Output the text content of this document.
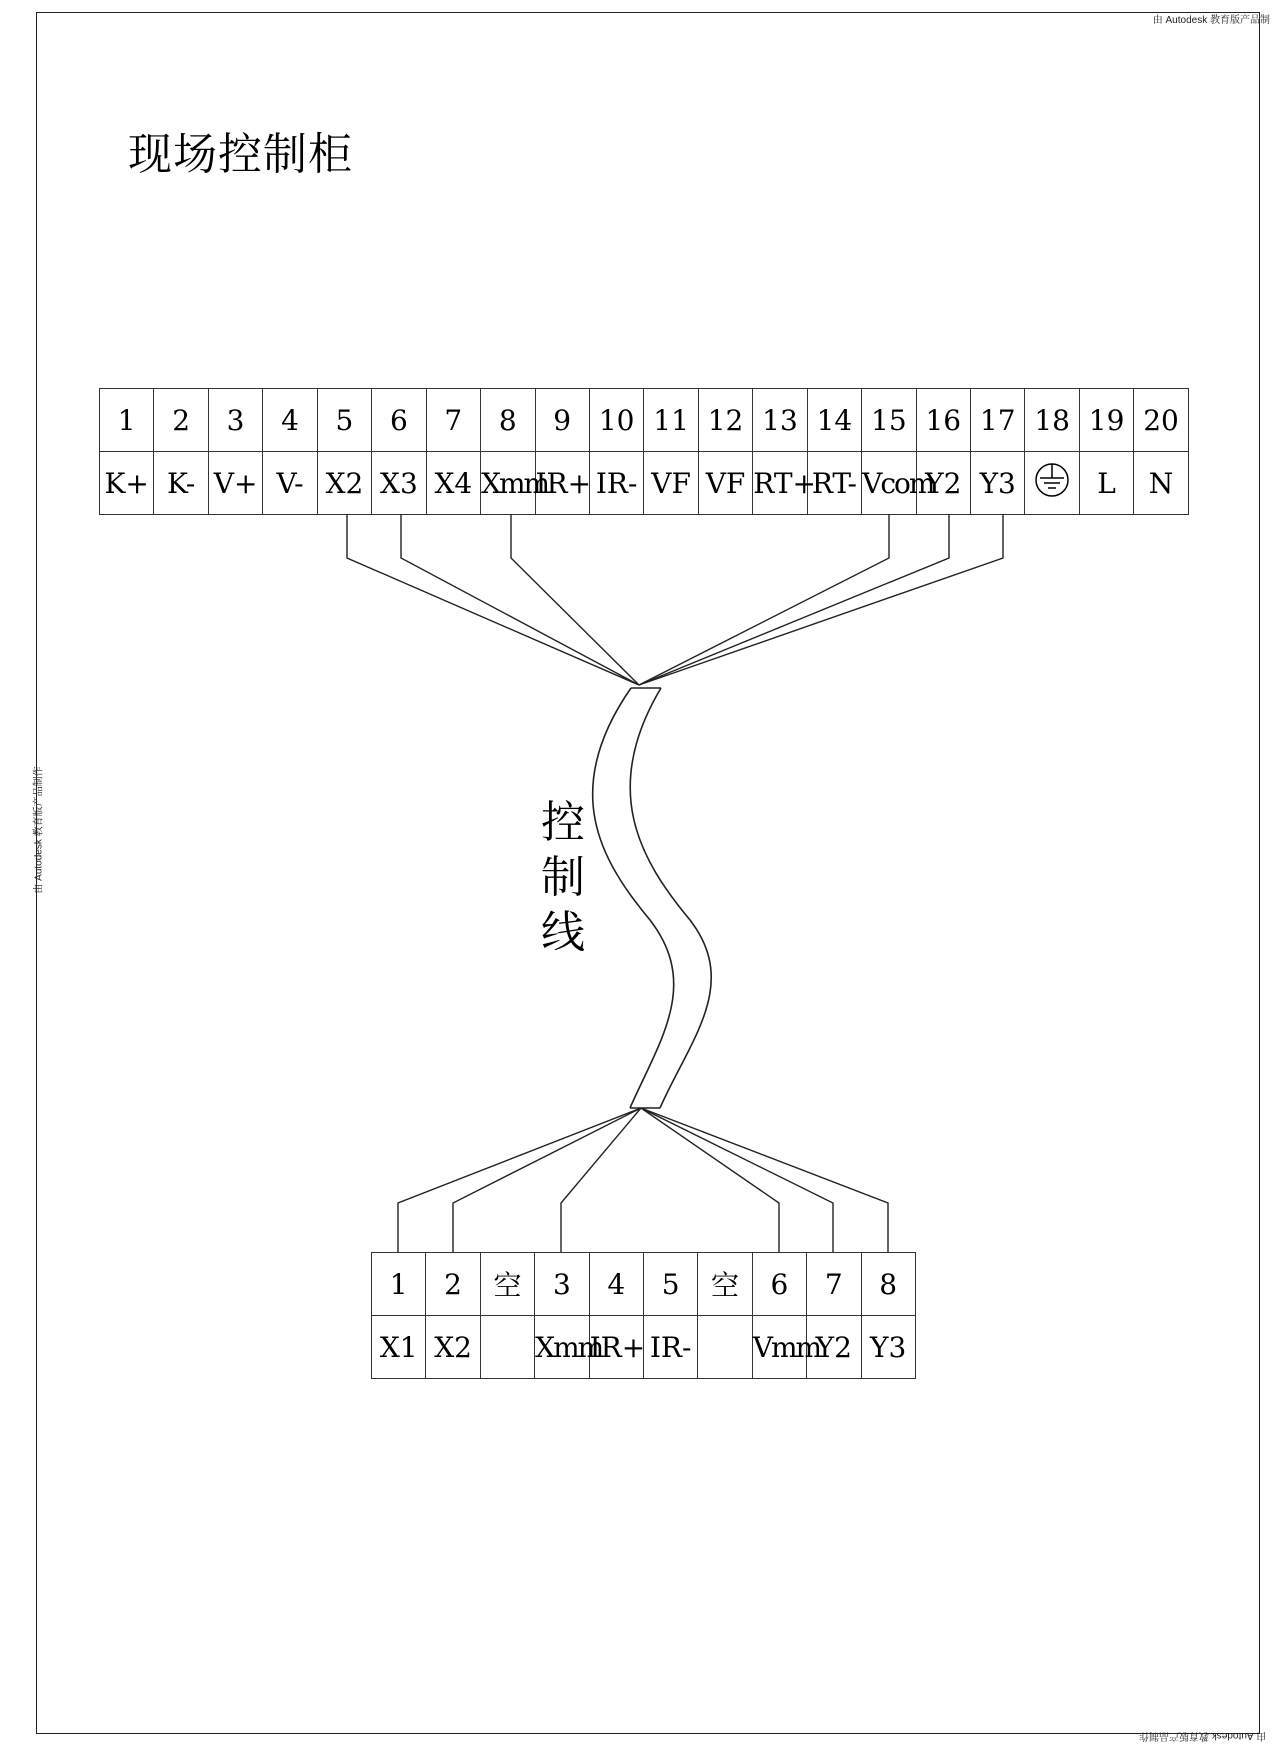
由 Autodesk 教育版产品制
由 Autodesk 教育版产品制作
由 Autodesk 教育版产品制作
现场控制柜
1	2	3	4	5	6	7	8	9	10	11	12	13	14	15	16	17	18	19	20
K+	K-	V+	V-	X2	X3	X4	Xmm	IR+	IR-	VF	VF	RT+	RT-	Vcom	Y2	Y3		L	N
控
制
线
1	2	空	3	4	5	空	6	7	8
X1	X2		Xmm	IR+	IR-		Vmm	Y2	Y3
